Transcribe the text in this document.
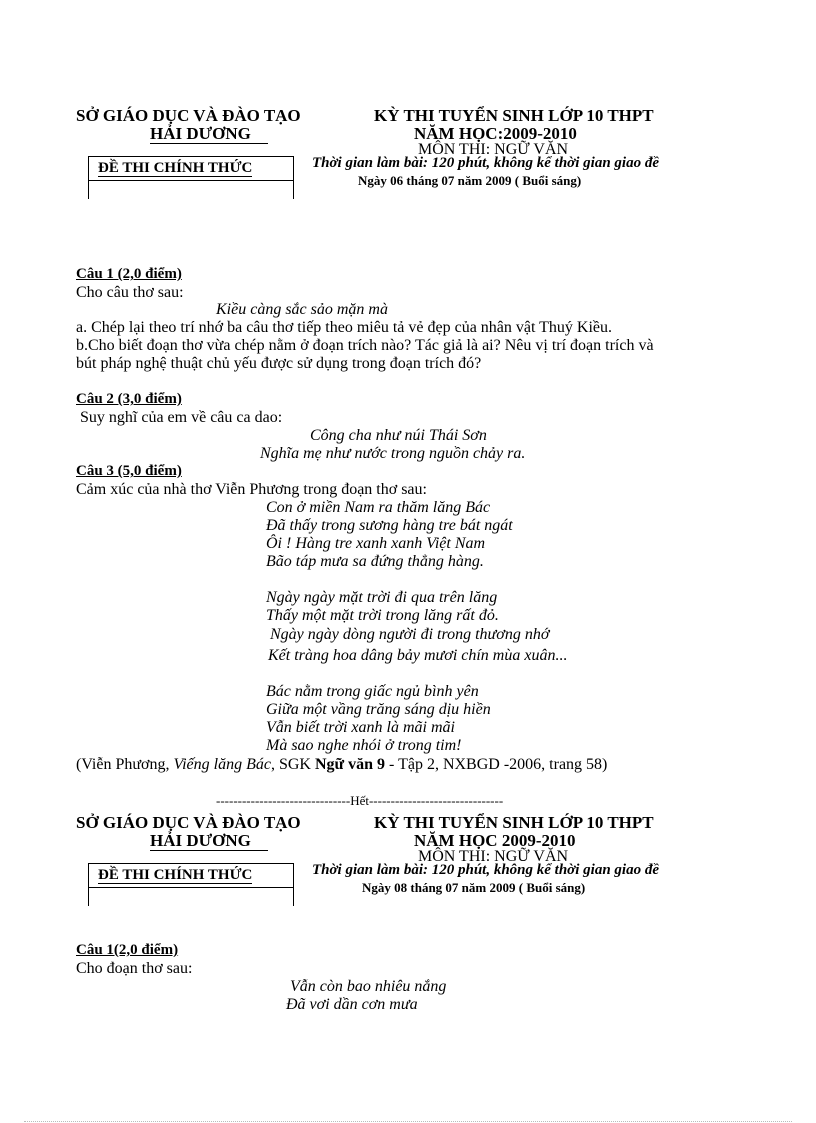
SỞ GIÁO DỤC VÀ ĐÀO TẠO
HẢI DƯƠNG
KỲ THI TUYỂN SINH LỚP 10 THPT
NĂM HỌC:2009-2010
MÔN THI: NGỮ VĂN
ĐỀ THI CHÍNH THỨC	Thời gian làm bài: 120 phút, không kể thời gian giao đề
Ngày 06 tháng 07 năm 2009 ( Buổi sáng)
Câu 1 (2,0 điểm)
Cho câu thơ sau:
Kiều càng sắc sảo mặn mà
a. Chép lại theo trí nhớ ba câu thơ tiếp theo miêu tả vẻ đẹp của nhân vật Thuý Kiều.
b.Cho biết đoạn thơ vừa chép nằm ở đoạn trích nào? Tác giả là ai? Nêu vị trí đoạn trích và
bút pháp nghệ thuật chủ yếu được sử dụng trong đoạn trích đó?
Câu 2 (3,0 điểm)
Suy nghĩ của em về câu ca dao:
Công cha như núi Thái Sơn
Nghĩa mẹ như nước trong nguồn chảy ra.
Câu 3 (5,0 điểm)
Cảm xúc của nhà thơ Viễn Phương trong đoạn thơ sau:
Con ở miền Nam ra thăm lăng Bác
Đã thấy trong sương hàng tre bát ngát
Ôi ! Hàng tre xanh xanh Việt Nam
Bão táp mưa sa đứng thẳng hàng.
Ngày ngày mặt trời đi qua trên lăng
Thấy một mặt trời trong lăng rất đỏ.
Ngày ngày dòng người đi trong thương nhớ
Kết tràng hoa dâng bảy mươi chín mùa xuân...
Bác nằm trong giấc ngủ bình yên
Giữa một vầng trăng sáng dịu hiền
Vẫn biết trời xanh là mãi mãi
Mà sao nghe nhói ở trong tim!
(Viễn Phương, Viếng lăng Bác, SGK Ngữ văn 9 - Tập 2, NXBGD -2006, trang 58)
-------------------------------Hết-------------------------------
SỞ GIÁO DỤC VÀ ĐÀO TẠO
HẢI DƯƠNG
KỲ THI TUYỂN SINH LỚP 10 THPT
NĂM HỌC 2009-2010
MÔN THI: NGỮ VĂN
ĐỀ THI CHÍNH THỨC	Thời gian làm bài: 120 phút, không kể thời gian giao đề
Ngày 08 tháng 07 năm 2009 ( Buổi sáng)
Câu 1(2,0 điểm)
Cho đoạn thơ sau:
Vẫn còn bao nhiêu nắng
Đã vơi dần cơn mưa
